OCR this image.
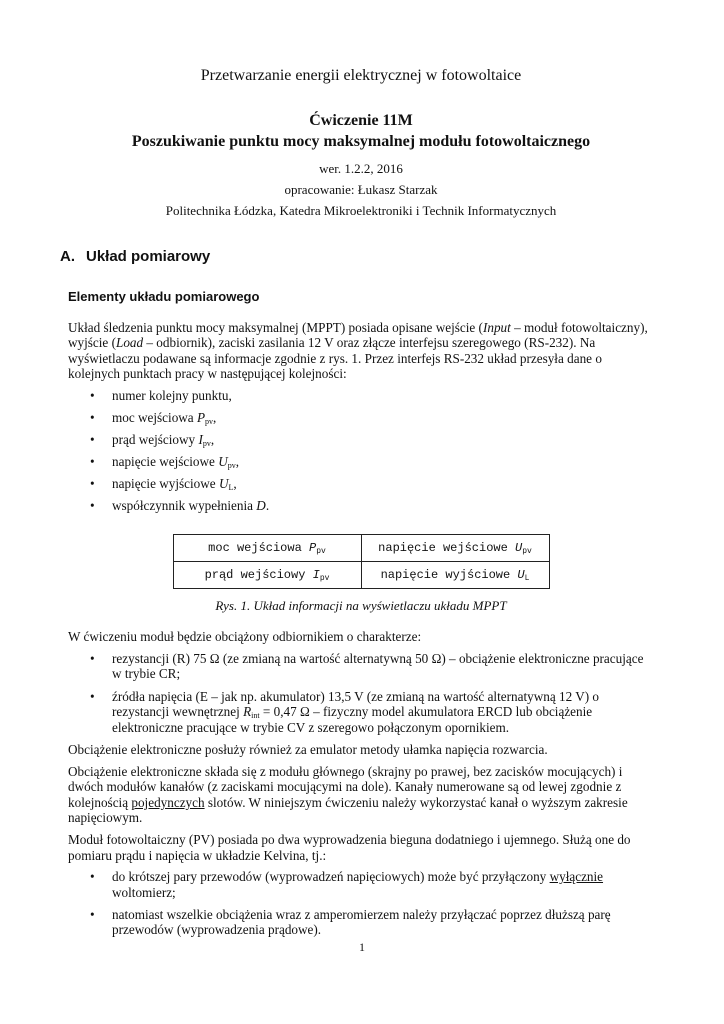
Przetwarzanie energii elektrycznej w fotowoltaice

Ćwiczenie 11M

Poszukiwanie punktu mocy maksymalnej modułu fotowoltaicznego

wer. 1.2.2, 2016

opracowanie: Łukasz Starzak

Politechnika Łódzka, Katedra Mikroelektroniki i Technik Informatycznych

A. Układ pomiarowy
Elementy układu pomiarowego

Układ śledzenia punktu mocy maksymalnej (MPPT) posiada opisane wejście (Input – moduł fotowoltaiczny), wyjście (Load – odbiornik), zaciski zasilania 12 V oraz złącze interfejsu szeregowego (RS-232). Na wyświetlaczu podawane są informacje zgodnie z rys. 1. Przez interfejs RS-232 układ przesyła dane o kolejnych punktach pracy w następującej kolejności:

• numer kolejny punktu,
• moc wejściowa $P_{pv}$,
• prąd wejściowy $I_{pv}$,
• napięcie wejściowe $U_{pv}$,
• napięcie wyjściowe $U_L$,
• współczynnik wypełnienia D.
moc wejściowa $P_{pv}$	napięcie wejściowe $U_{pv}$
prąd wejściowy $I_{pv}$	napięcie wyjściowe $U_L$
Rys. 1. Układ informacji na wyświetlaczu układu MPPT

W ćwiczeniu moduł będzie obciążony odbiornikiem o charakterze:

• rezystancji (R) 75 Ω (ze zmianą na wartość alternatywną 50 Ω) – obciążenie elektroniczne pracujące w trybie CR;
• źródła napięcia (E – jak np. akumulator) 13,5 V (ze zmianą na wartość alternatywną 12 V) o rezystancji wewnętrznej $R_{int} = 0,47$ Ω – fizyczny model akumulatora ERCD lub obciążenie elektroniczne pracujące w trybie CV z szeregowo połączonym opornikiem.

Obciążenie elektroniczne posłuży również za emulator metody ułamka napięcia rozwarcia.

Obciążenie elektroniczne składa się z modułu głównego (skrajny po prawej, bez zacisków mocujących) i dwóch modułów kanałów (z zaciskami mocującymi na dole). Kanały numerowane są od lewej zgodnie z kolejnością pojedynczych slotów. W niniejszym ćwiczeniu należy wykorzystać kanał o wyższym zakresie napięciowym.

Moduł fotowoltaiczny (PV) posiada po dwa wyprowadzenia bieguna dodatniego i ujemnego. Służą one do pomiaru prądu i napięcia w układzie Kelvina, tj.:

• do krótszej pary przewodów (wyprowadzeń napięciowych) może być przyłączony wyłącznie woltomierz;
• natomiast wszelkie obciążenia wraz z amperomierzem należy przyłączać poprzez dłuższą parę przewodów (wyprowadzenia prądowe).
1
